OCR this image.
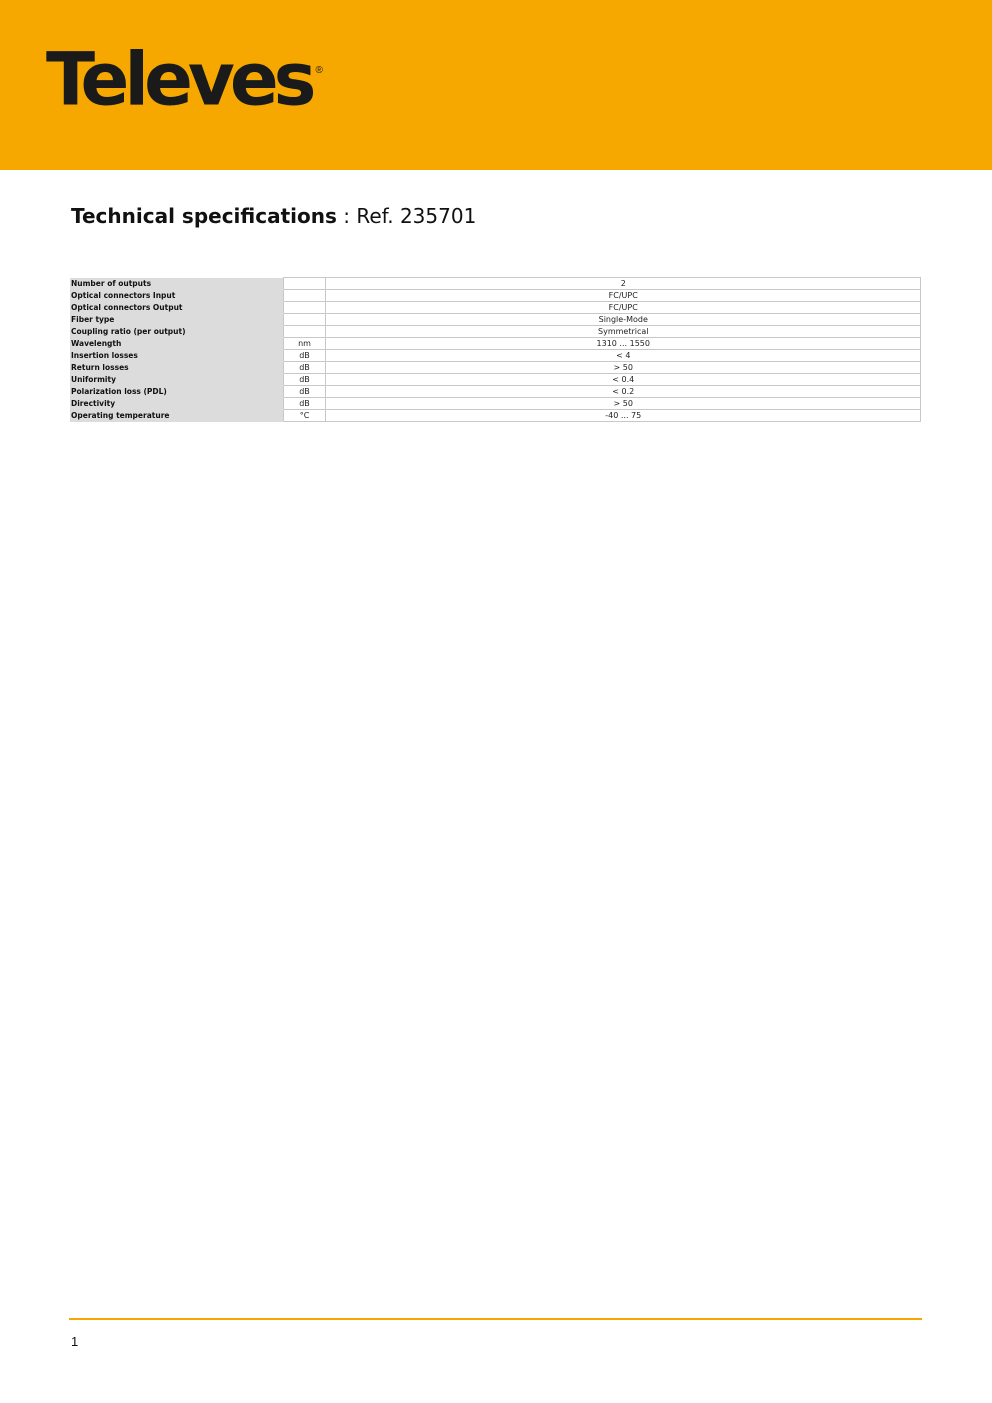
Televes ®
Technical specifications : Ref. 235701
Number of outputs		2
Optical connectors Input		FC/UPC
Optical connectors Output		FC/UPC
Fiber type		Single-Mode
Coupling ratio (per output)		Symmetrical
Wavelength	nm	1310 ... 1550
Insertion losses	dB	< 4
Return losses	dB	> 50
Uniformity	dB	< 0.4
Polarization loss (PDL)	dB	< 0.2
Directivity	dB	> 50
Operating temperature	°C	-40 ... 75
1
